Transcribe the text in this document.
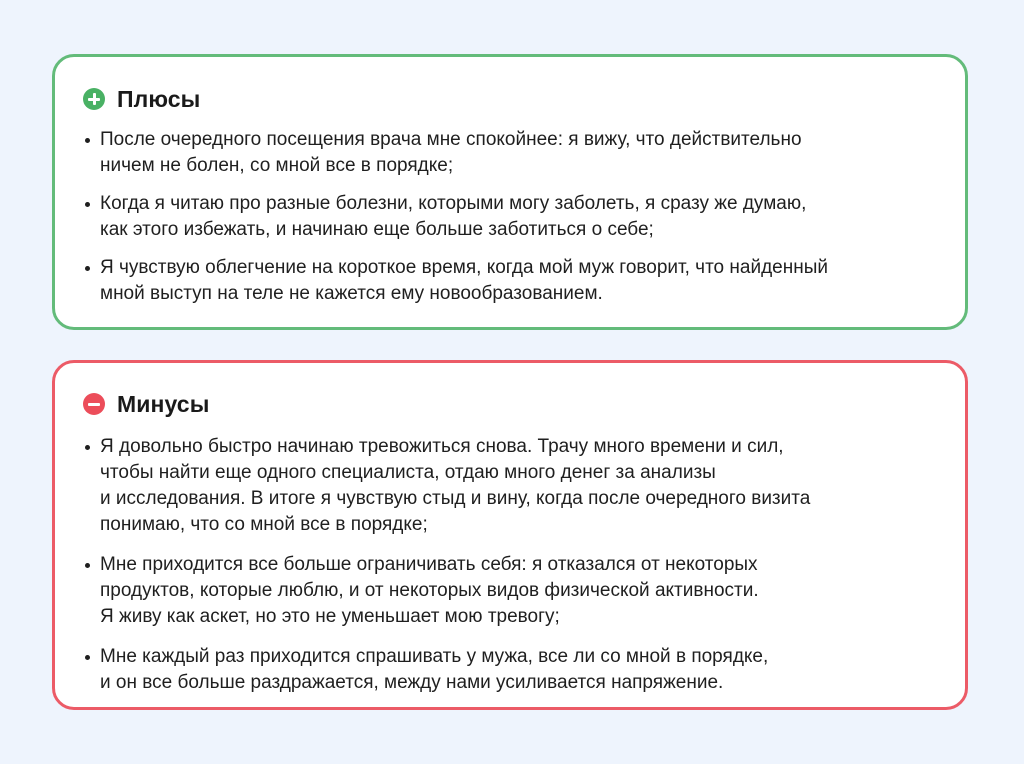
Плюсы
После очередного посещения врача мне спокойнее: я вижу, что действительно
ничем не болен, со мной все в порядке;
Когда я читаю про разные болезни, которыми могу заболеть, я сразу же думаю,
как этого избежать, и начинаю еще больше заботиться о себе;
Я чувствую облегчение на короткое время, когда мой муж говорит, что найденный
мной выступ на теле не кажется ему новообразованием.
Минусы
Я довольно быстро начинаю тревожиться снова. Трачу много времени и сил,
чтобы найти еще одного специалиста, отдаю много денег за анализы
и исследования. В итоге я чувствую стыд и вину, когда после очередного визита
понимаю, что со мной все в порядке;
Мне приходится все больше ограничивать себя: я отказался от некоторых
продуктов, которые люблю, и от некоторых видов физической активности.
Я живу как аскет, но это не уменьшает мою тревогу;
Мне каждый раз приходится спрашивать у мужа, все ли со мной в порядке,
и он все больше раздражается, между нами усиливается напряжение.
